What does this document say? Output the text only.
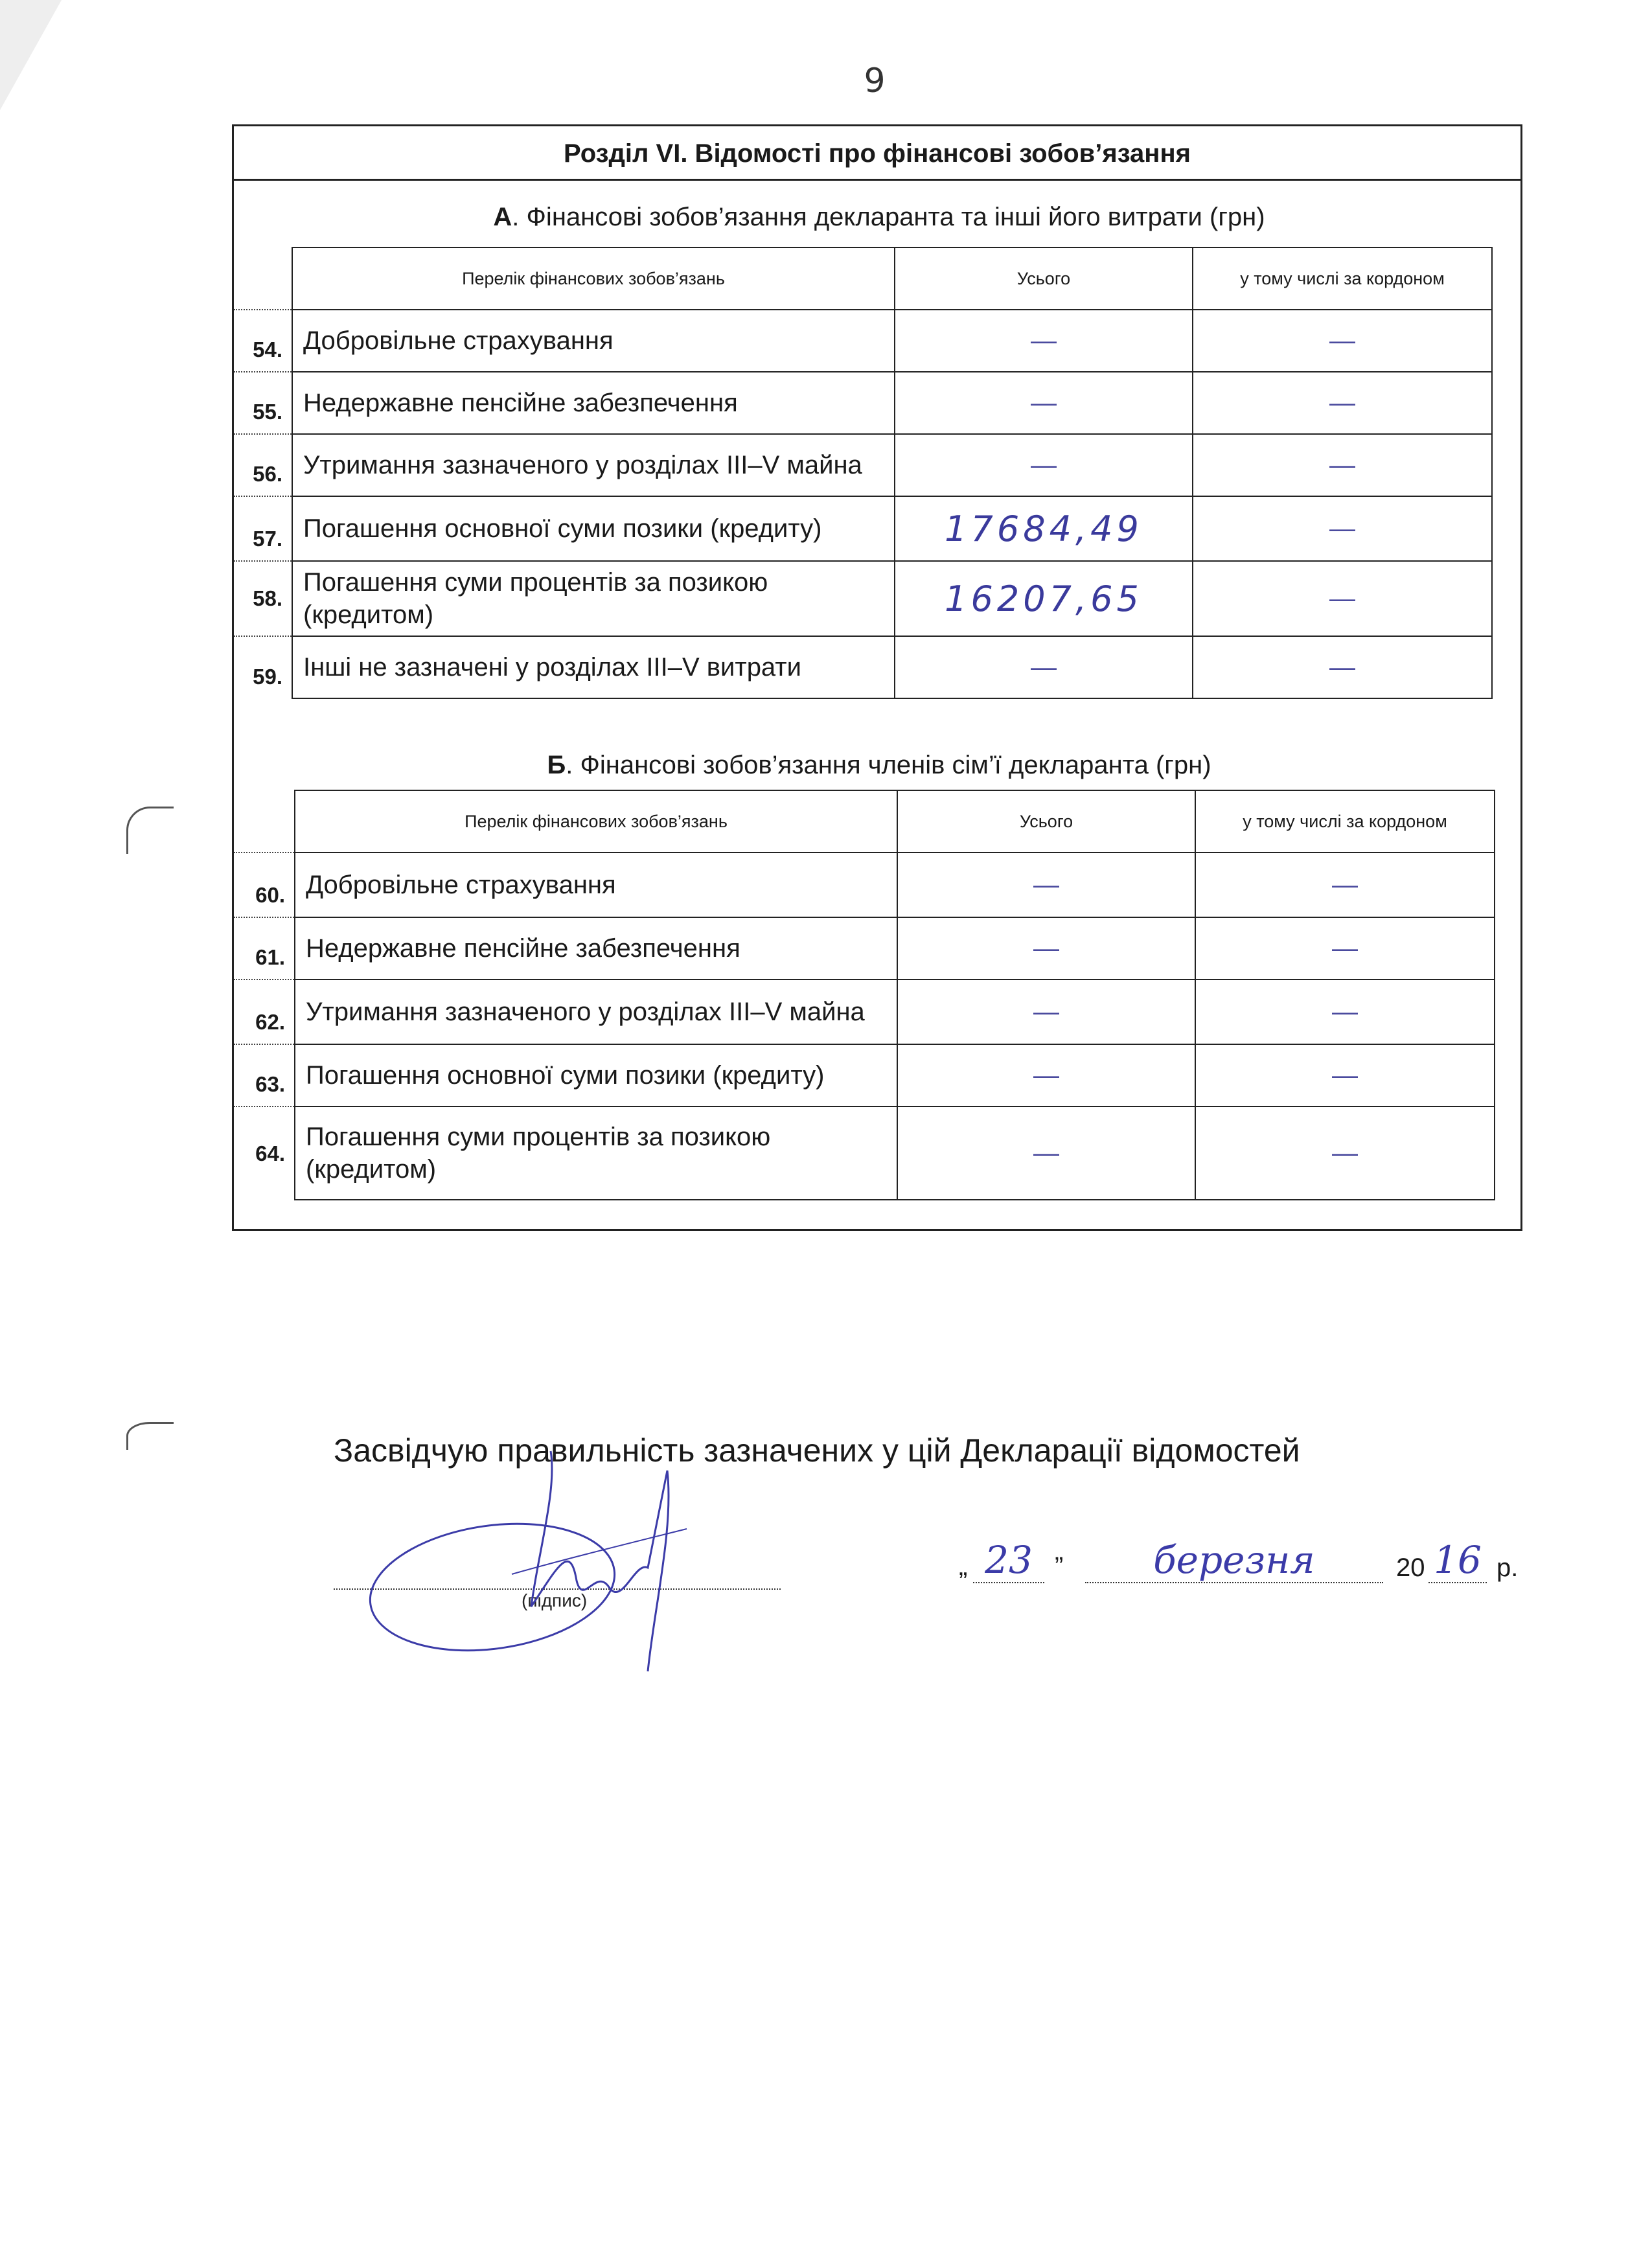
9
Розділ VI. Відомості про фінансові зобов’язання
А. Фінансові зобов’язання декларанта та інші його витрати (грн)
	Перелік фінансових зобов’язань	Усього	у тому числі за кордоном
54.	Добровільне страхування	—	—
55.	Недержавне пенсійне забезпечення	—	—
56.	Утримання зазначеного у розділах III–V майна	—	—
57.	Погашення основної суми позики (кредиту)	17684,49	—
58.	Погашення суми процентів за позикою (кредитом)	16207,65	—
59.	Інші не зазначені у розділах III–V витрати	—	—
Б. Фінансові зобов’язання членів сім’ї декларанта (грн)
	Перелік фінансових зобов’язань	Усього	у тому числі за кордоном
60.	Добровільне страхування	—	—
61.	Недержавне пенсійне забезпечення	—	—
62.	Утримання зазначеного у розділах III–V майна	—	—
63.	Погашення основної суми позики (кредиту)	—	—
64.	Погашення суми процентів за позикою (кредитом)	—	—
Засвідчую правильність зазначених у цій Декларації відомостей
(підпис)
„ 23 ”	березня	20 16 р.
